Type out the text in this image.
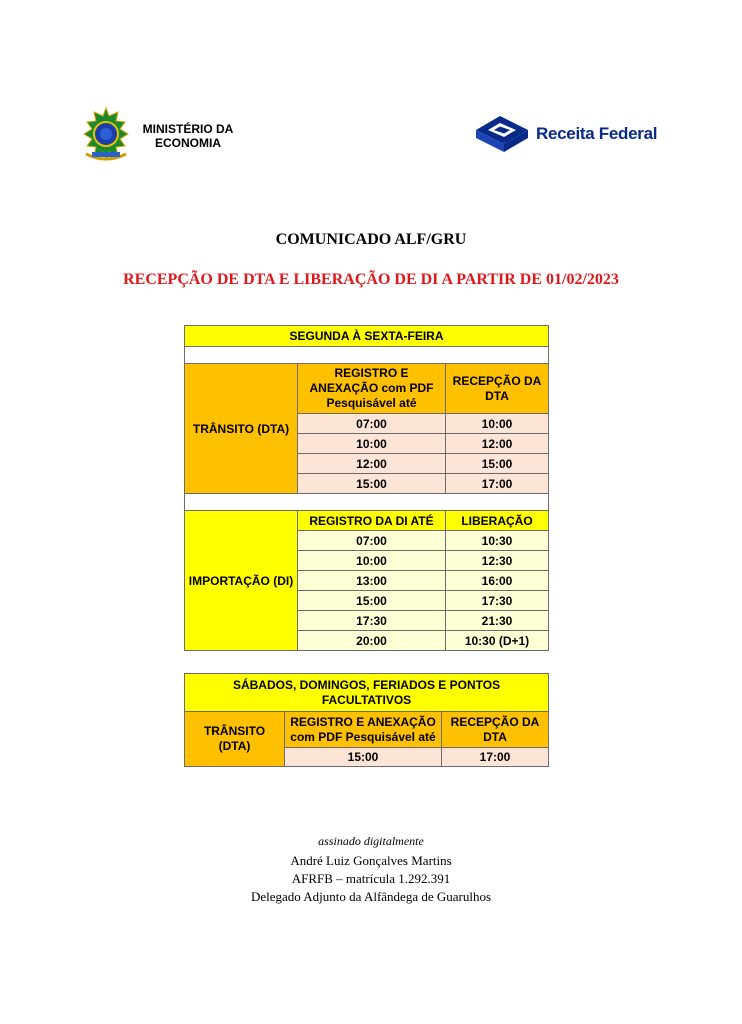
MINISTÉRIO DA
ECONOMIA	Receita Federal
COMUNICADO ALF/GRU
RECEPÇÃO DE DTA E LIBERAÇÃO DE DI A PARTIR DE 01/02/2023
SEGUNDA À SEXTA-FEIRA		

TRÂNSITO (DTA)	REGISTRO E ANEXAÇÃO com PDF Pesquisável até	RECEPÇÃO DA DTA
	07:00	10:00
	10:00	12:00
	12:00	15:00
	15:00	17:00

IMPORTAÇÃO (DI)	REGISTRO DA DI ATÉ	LIBERAÇÃO
	07:00	10:30
	10:00	12:30
	13:00	16:00
	15:00	17:30
	17:30	21:30
	20:00	10:30 (D+1)
SÁBADOS, DOMINGOS, FERIADOS E PONTOS FACULTATIVOS		
TRÂNSITO (DTA)	REGISTRO E ANEXAÇÃO com PDF Pesquisável até	RECEPÇÃO DA DTA
	15:00	17:00
assinado digitalmente
André Luiz Gonçalves Martins
AFRFB – matrícula 1.292.391
Delegado Adjunto da Alfândega de Guarulhos
